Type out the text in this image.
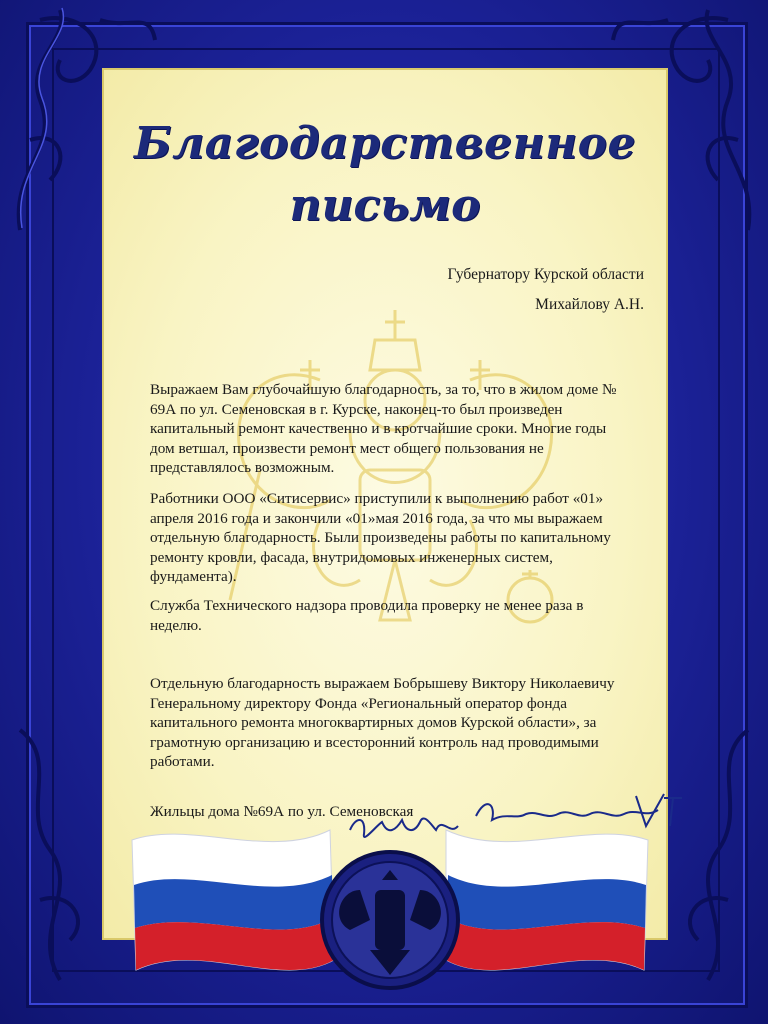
Благодарственное
письмо
Губернатору Курской области
Михайлову А.Н.
Выражаем Вам глубочайшую благодарность, за то, что в жилом доме № 69А по ул. Семеновская в г. Курске, наконец-то был произведен капитальный ремонт качественно и в кротчайшие сроки. Многие годы дом ветшал, произвести ремонт мест общего пользования не представлялось возможным.
Работники ООО «Ситисервис» приступили к выполнению работ «01» апреля 2016 года и закончили «01»мая 2016 года, за что мы выражаем отдельную благодарность. Были произведены работы по капитальному ремонту кровли, фасада, внутридомовых инженерных систем, фундамента).
Служба Технического надзора проводила проверку не менее раза в неделю.
Отдельную благодарность выражаем Бобрышеву Виктору Николаевичу Генеральному директору Фонда «Региональный оператор фонда капитального ремонта многоквартирных домов Курской области», за грамотную организацию и всесторонний контроль над проводимыми работами.
Жильцы дома №69А по ул. Семеновская
